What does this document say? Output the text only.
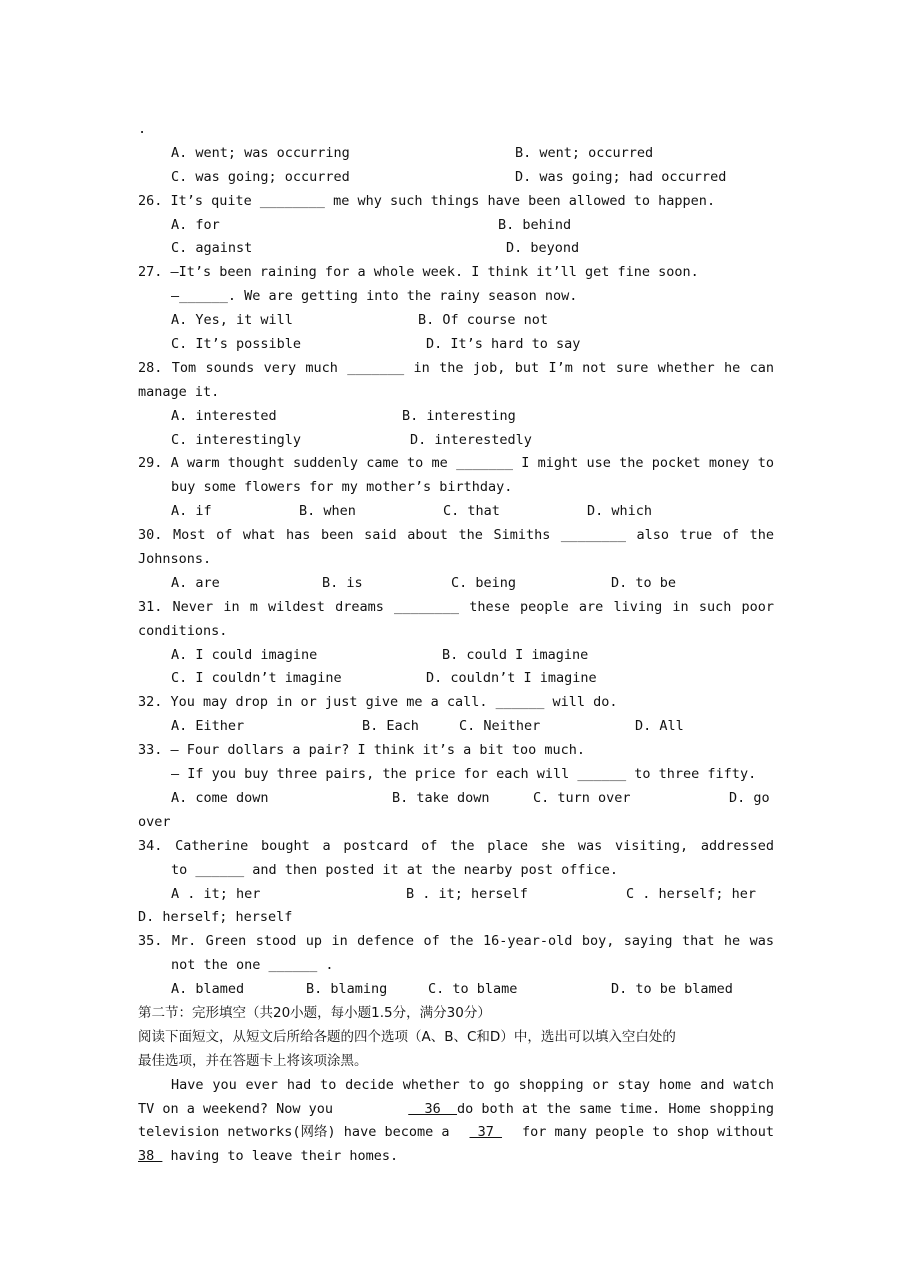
.
A. went; was occurring	B. went; occurred
C. was going; occurred	D. was going; had occurred
26. It’s quite ________ me why such things have been allowed to happen.
A. for	B. behind
C. against	D. beyond
27. —It’s been raining for a whole week. I think it’ll get fine soon.
—______. We are getting into the rainy season now.
A. Yes, it will	B. Of course not
C. It’s possible	D. It’s hard to say
28. Tom sounds very much _______ in the job, but I’m not sure whether he can
manage it.
A. interested	B. interesting
C. interestingly	D. interestedly
29. A warm thought suddenly came to me _______ I might use the pocket money to
buy some flowers for my mother’s birthday.
A. if	B. when	C. that	D. which
30. Most of what has been said about the Simiths ________ also true of the
Johnsons.
A. are	B. is	C. being	D. to be
31. Never in m wildest dreams ________ these people are living in such poor
conditions.
A. I could imagine	B. could I imagine
C. I couldn’t imagine	D. couldn’t I imagine
32. You may drop in or just give me a call. ______ will do.
A. Either	B. Each	C. Neither	D. All
33. — Four dollars a pair? I think it’s a bit too much.
— If you buy three pairs, the price for each will ______ to three fifty.
A. come down	B. take down	C. turn over	D. go
over
34. Catherine bought a postcard of the place she was visiting, addressed
to ______ and then posted it at the nearby post office.
A . it; her	B . it; herself	C . herself; her
D. herself; herself
35. Mr. Green stood up in defence of the 16-year-old boy, saying that he was
not the one ______ .
A. blamed	B. blaming	C. to blame	D. to be blamed
第二节：完形填空（共20小题，每小题1.5分，满分30分）
阅读下面短文，从短文后所给各题的四个选项（A、B、C和D）中，选出可以填入空白处的
最佳选项，并在答题卡上将该项涂黑。
Have you ever had to decide whether to go shopping or stay home and watch
TV on a weekend? Now you	36  do both at the same time. Home shopping
television networks(网络) have become a 37 for many people to shop without
38  having to leave their homes.
